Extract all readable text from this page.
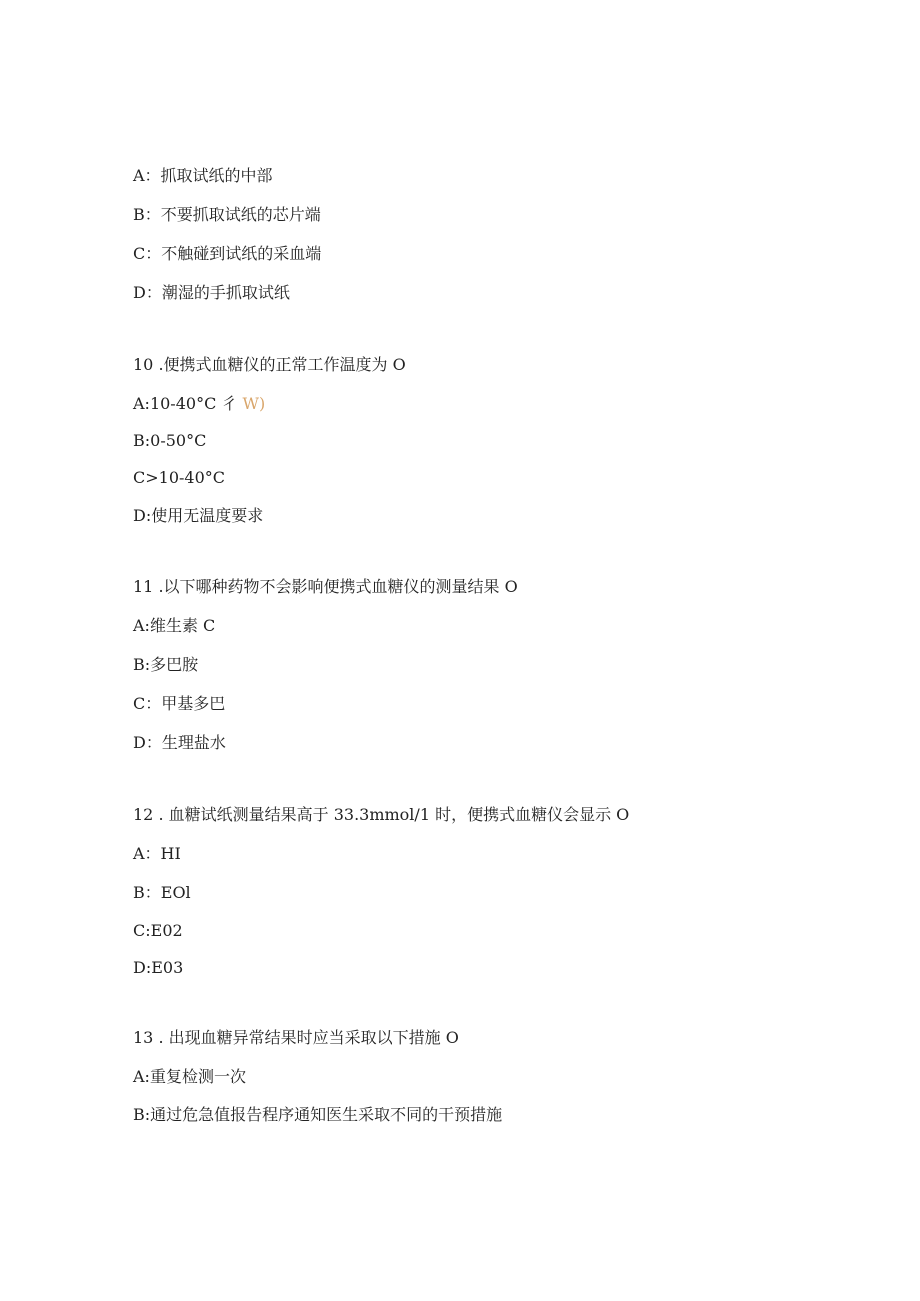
A：抓取试纸的中部

B：不要抓取试纸的芯片端

C：不触碰到试纸的采血端

D：潮湿的手抓取试纸

10 .便携式血糖仪的正常工作温度为 O

A:10-40°C 彳 W)

B:0-50°C

C>10-40°C

D:使用无温度要求

11 .以下哪种药物不会影响便携式血糖仪的测量结果 O

A:维生素 C

B:多巴胺

C：甲基多巴

D：生理盐水

12 . 血糖试纸测量结果高于 33.3mmol/1 时，便携式血糖仪会显示 O

A：HI

B：EOl

C:E02

D:E03

13 . 出现血糖异常结果时应当采取以下措施 O

A:重复检测一次

B:通过危急值报告程序通知医生采取不同的干预措施
